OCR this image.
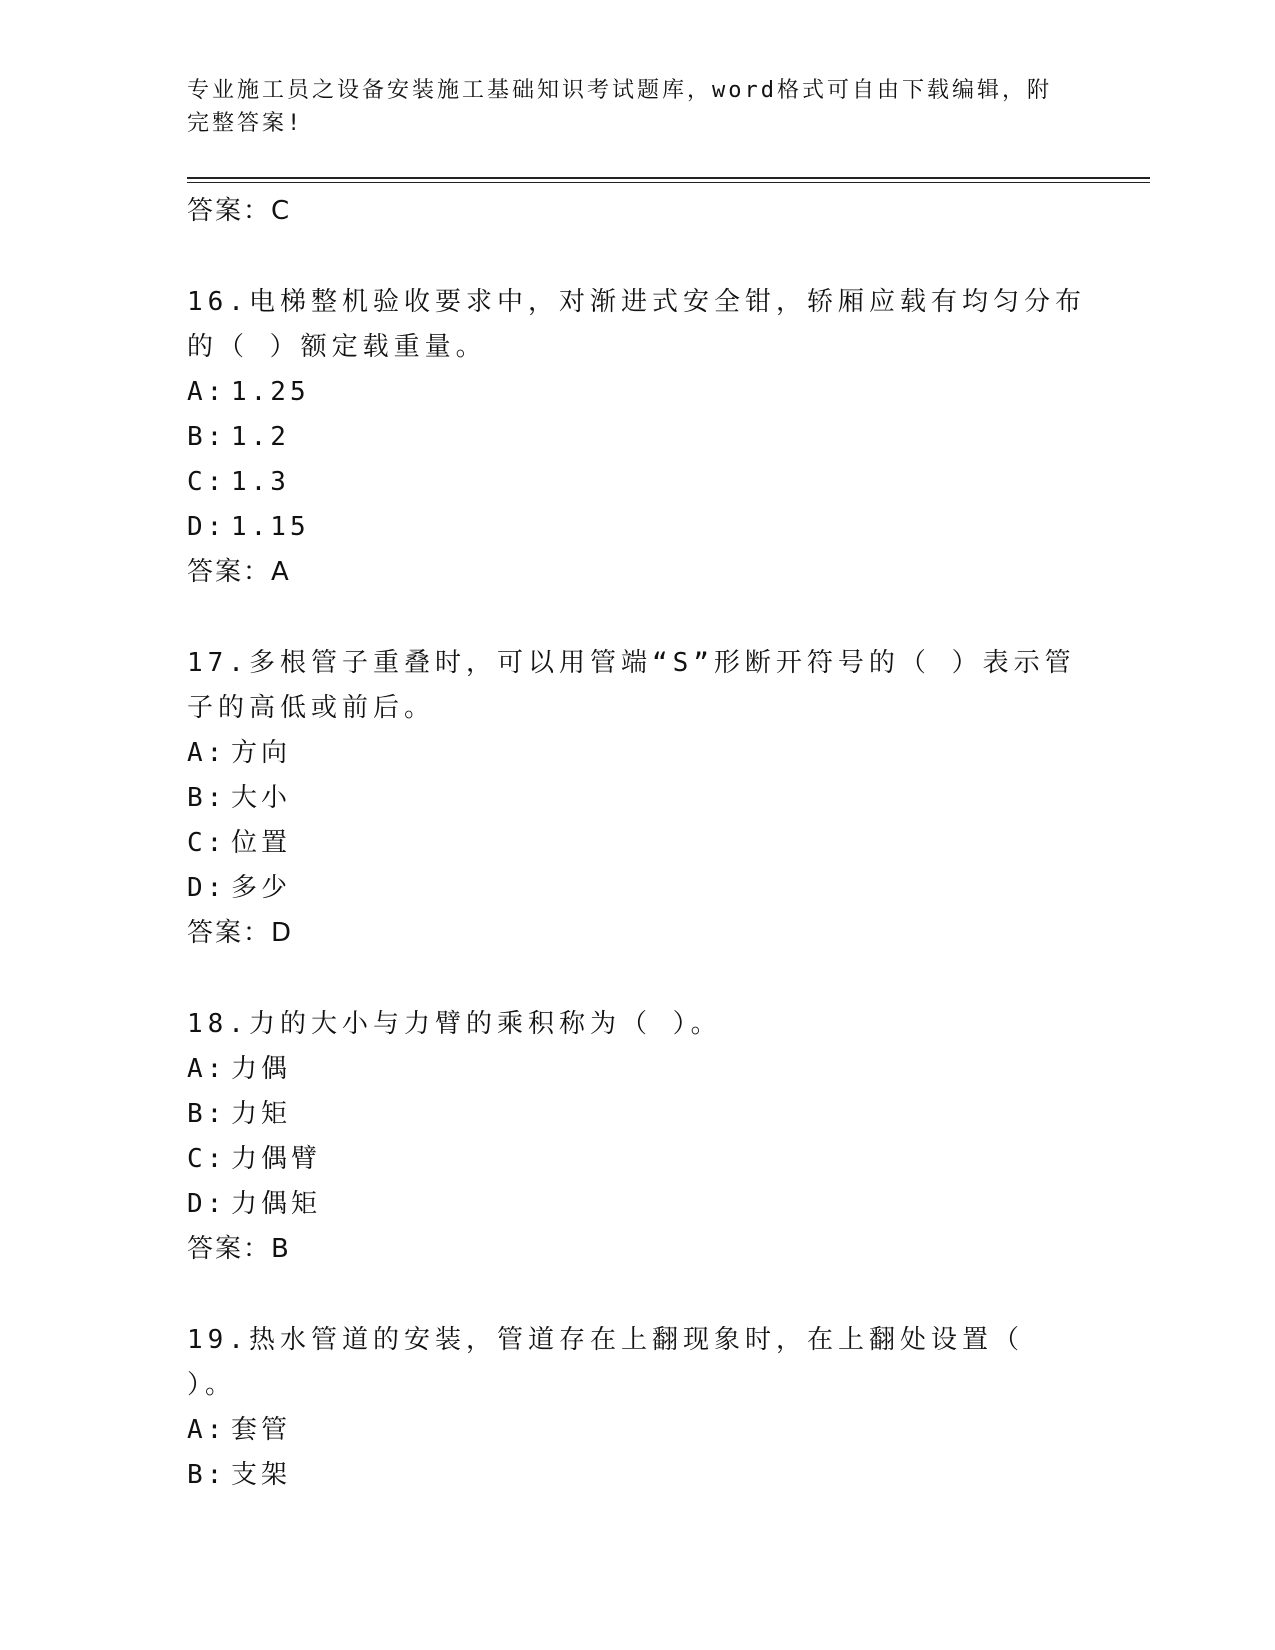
专业施工员之设备安装施工基础知识考试题库，word格式可自由下载编辑，附完整答案!
答案：C
16.电梯整机验收要求中，对渐进式安全钳，轿厢应载有均匀分布的（ ）额定载重量。
A: 1.25
B: 1.2
C: 1.3
D: 1.15
答案：A
17.多根管子重叠时，可以用管端“S”形断开符号的（ ）表示管子的高低或前后。
A: 方向
B: 大小
C: 位置
D: 多少
答案：D
18.力的大小与力臂的乘积称为（ ）。
A: 力偶
B: 力矩
C: 力偶臂
D: 力偶矩
答案：B
19.热水管道的安装，管道存在上翻现象时，在上翻处设置（ ）。
A: 套管
B: 支架
